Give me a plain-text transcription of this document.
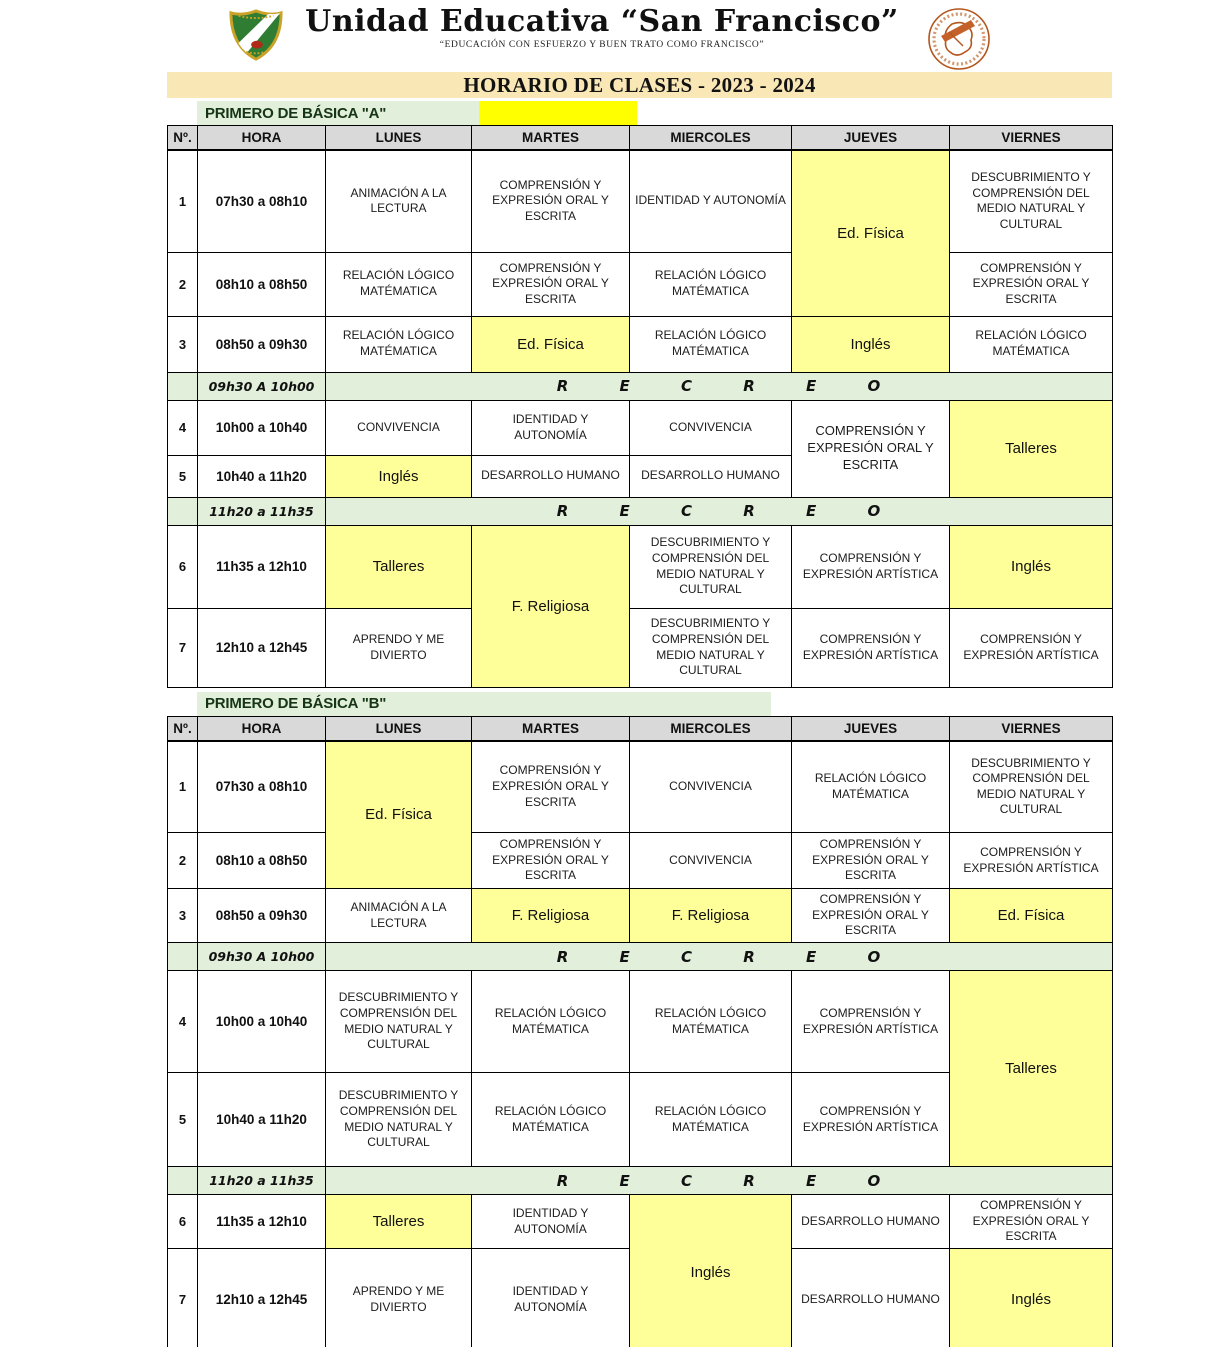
Unidad Educativa “San Francisco”
“EDUCACIÓN CON ESFUERZO Y BUEN TRATO COMO FRANCISCO”
HORARIO DE CLASES - 2023 - 2024
PRIMERO DE BÁSICA "A"
Nº.	HORA	LUNES	MARTES	MIERCOLES	JUEVES	VIERNES
1	07h30 a 08h10	ANIMACIÓN A LA LECTURA	COMPRENSIÓN Y EXPRESIÓN ORAL Y ESCRITA	IDENTIDAD Y AUTONOMÍA	Ed. Física	DESCUBRIMIENTO Y COMPRENSIÓN DEL MEDIO NATURAL Y CULTURAL
2	08h10 a 08h50	RELACIÓN LÓGICO MATÉMATICA	COMPRENSIÓN Y EXPRESIÓN ORAL Y ESCRITA	RELACIÓN LÓGICO MATÉMATICA		COMPRENSIÓN Y EXPRESIÓN ORAL Y ESCRITA
3	08h50 a 09h30	RELACIÓN LÓGICO MATÉMATICA	Ed. Física	RELACIÓN LÓGICO MATÉMATICA	Inglés	RELACIÓN LÓGICO MATÉMATICA
	09h30 A 10h00	R E C R E O				
4	10h00 a 10h40	CONVIVENCIA	IDENTIDAD Y AUTONOMÍA	CONVIVENCIA	COMPRENSIÓN Y EXPRESIÓN ORAL Y ESCRITA	Talleres
5	10h40 a 11h20	Inglés	DESARROLLO HUMANO	DESARROLLO HUMANO		
	11h20 a 11h35	R E C R E O				
6	11h35 a 12h10	Talleres	F. Religiosa	DESCUBRIMIENTO Y COMPRENSIÓN DEL MEDIO NATURAL Y CULTURAL	COMPRENSIÓN Y EXPRESIÓN ARTÍSTICA	Inglés
7	12h10 a 12h45	APRENDO Y ME DIVIERTO		DESCUBRIMIENTO Y COMPRENSIÓN DEL MEDIO NATURAL Y CULTURAL	COMPRENSIÓN Y EXPRESIÓN ARTÍSTICA	COMPRENSIÓN Y EXPRESIÓN ARTÍSTICA
PRIMERO DE BÁSICA "B"
Nº.	HORA	LUNES	MARTES	MIERCOLES	JUEVES	VIERNES
1	07h30 a 08h10	Ed. Física	COMPRENSIÓN Y EXPRESIÓN ORAL Y ESCRITA	CONVIVENCIA	RELACIÓN LÓGICO MATÉMATICA	DESCUBRIMIENTO Y COMPRENSIÓN DEL MEDIO NATURAL Y CULTURAL
2	08h10 a 08h50		COMPRENSIÓN Y EXPRESIÓN ORAL Y ESCRITA	CONVIVENCIA	COMPRENSIÓN Y EXPRESIÓN ORAL Y ESCRITA	COMPRENSIÓN Y EXPRESIÓN ARTÍSTICA
3	08h50 a 09h30	ANIMACIÓN A LA LECTURA	F. Religiosa	F. Religiosa	COMPRENSIÓN Y EXPRESIÓN ORAL Y ESCRITA	Ed. Física
	09h30 A 10h00	R E C R E O				
4	10h00 a 10h40	DESCUBRIMIENTO Y COMPRENSIÓN DEL MEDIO NATURAL Y CULTURAL	RELACIÓN LÓGICO MATÉMATICA	RELACIÓN LÓGICO MATÉMATICA	COMPRENSIÓN Y EXPRESIÓN ARTÍSTICA	Talleres
5	10h40 a 11h20	DESCUBRIMIENTO Y COMPRENSIÓN DEL MEDIO NATURAL Y CULTURAL	RELACIÓN LÓGICO MATÉMATICA	RELACIÓN LÓGICO MATÉMATICA	COMPRENSIÓN Y EXPRESIÓN ARTÍSTICA	
	11h20 a 11h35	R E C R E O				
6	11h35 a 12h10	Talleres	IDENTIDAD Y AUTONOMÍA	Inglés	DESARROLLO HUMANO	COMPRENSIÓN Y EXPRESIÓN ORAL Y ESCRITA
7	12h10 a 12h45	APRENDO Y ME DIVIERTO	IDENTIDAD Y AUTONOMÍA		DESARROLLO HUMANO	Inglés
